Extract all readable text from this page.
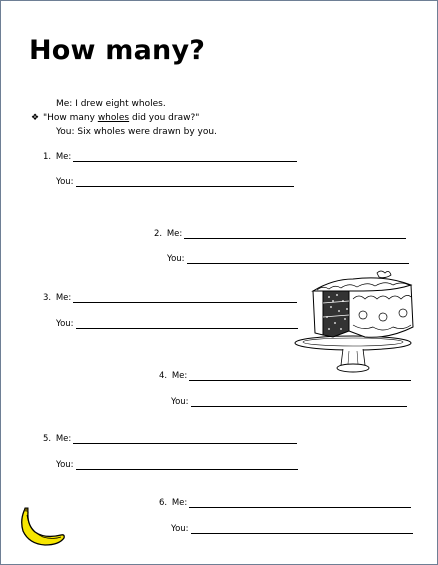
How many?
Me: I drew eight wholes.
❖ "How many wholes did you draw?"
You: Six wholes were drawn by you.
1.
Me:
You:
2.
Me:
You:
3.
Me:
You:
4.
Me:
You:
5.
Me:
You:
6.
Me:
You:
